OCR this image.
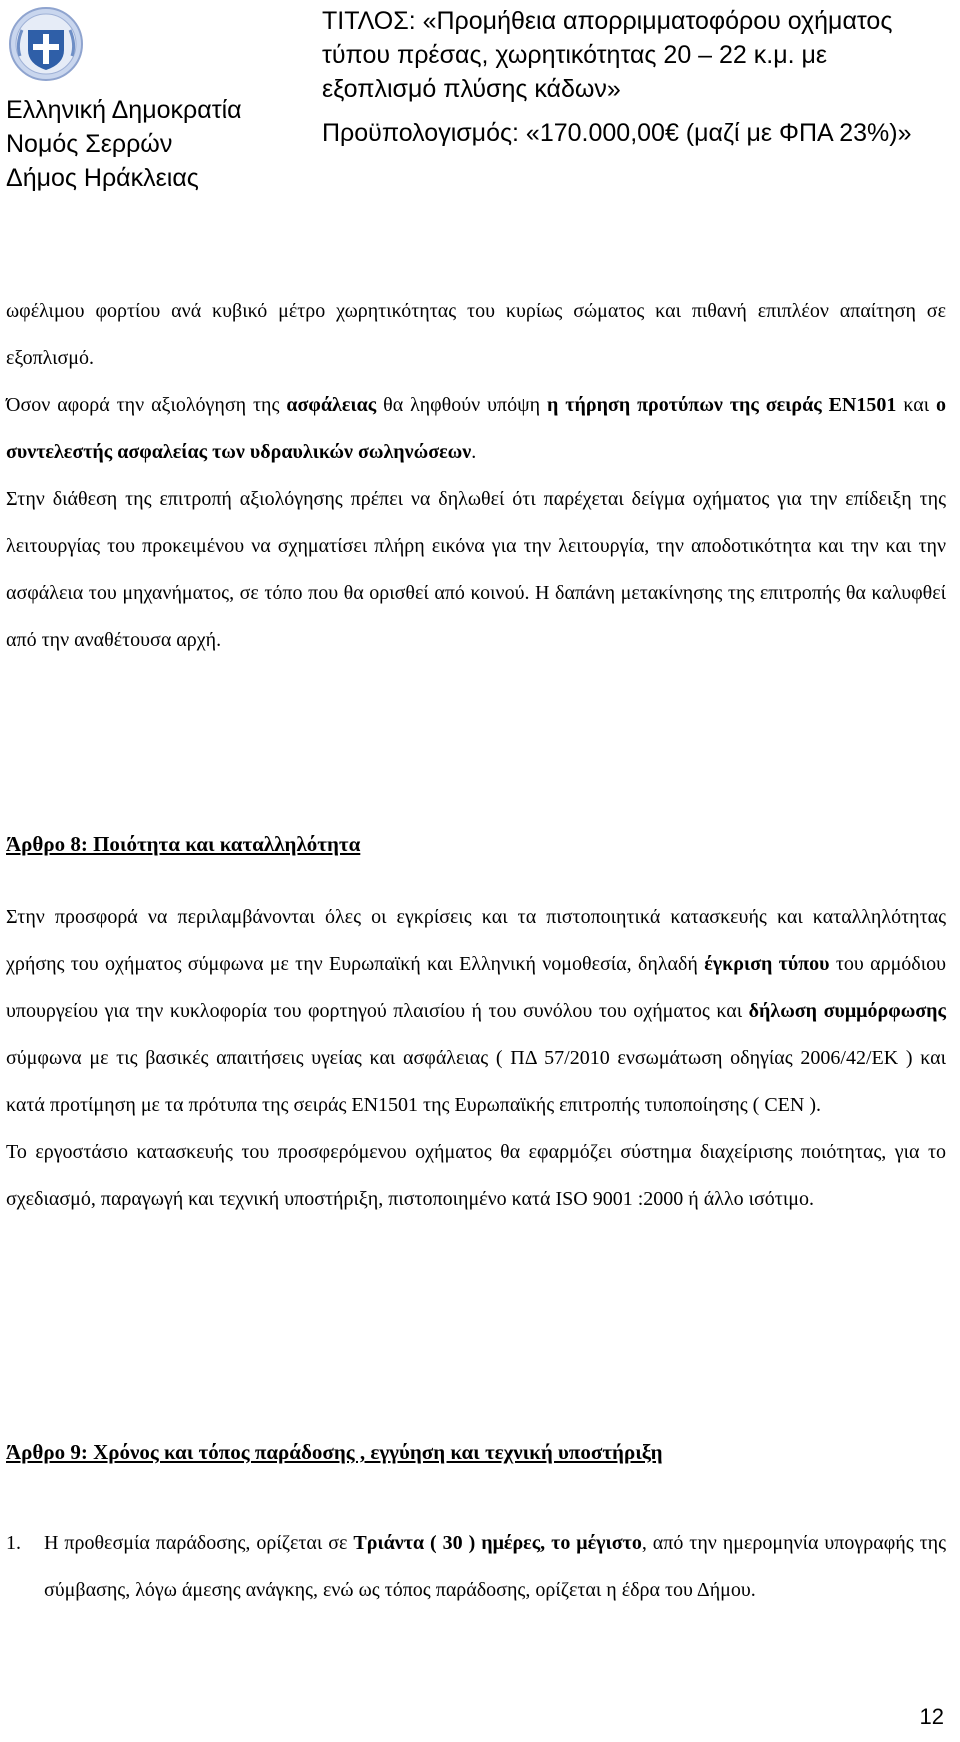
Ελληνική Δημοκρατία
Νομός Σερρών
Δήμος Ηράκλειας
ΤΙΤΛΟΣ: «Προμήθεια απορριμματοφόρου οχήματος
τύπου πρέσας, χωρητικότητας 20 – 22 κ.μ. με
εξοπλισμό πλύσης κάδων»
Προϋπολογισμός: «170.000,00€ (μαζί με ΦΠΑ 23%)»

ωφέλιμου φορτίου ανά κυβικό μέτρο χωρητικότητας του κυρίως σώματος και πιθανή επιπλέον απαίτηση σε εξοπλισμό.

Όσον αφορά την αξιολόγηση της ασφάλειας θα ληφθούν υπόψη η τήρηση προτύπων της σειράς EN1501 και ο συντελεστής ασφαλείας των υδραυλικών σωληνώσεων.

Στην διάθεση της επιτροπή αξιολόγησης πρέπει να δηλωθεί ότι παρέχεται δείγμα οχήματος για την επίδειξη της λειτουργίας του προκειμένου να σχηματίσει πλήρη εικόνα για την λειτουργία, την αποδοτικότητα και την και την ασφάλεια του μηχανήματος, σε τόπο που θα ορισθεί από κοινού. Η δαπάνη μετακίνησης της επιτροπής θα καλυφθεί από την αναθέτουσα αρχή.

Άρθρο 8: Ποιότητα και καταλληλότητα

Στην προσφορά να περιλαμβάνονται όλες οι εγκρίσεις και τα πιστοποιητικά κατασκευής και καταλληλότητας χρήσης του οχήματος σύμφωνα με την Ευρωπαϊκή και Ελληνική νομοθεσία, δηλαδή έγκριση τύπου του αρμόδιου υπουργείου για την κυκλοφορία του φορτηγού πλαισίου ή του συνόλου του οχήματος και δήλωση συμμόρφωσης σύμφωνα με τις βασικές απαιτήσεις υγείας και ασφάλειας ( ΠΔ 57/2010 ενσωμάτωση οδηγίας 2006/42/ΕΚ ) και κατά προτίμηση με τα πρότυπα της σειράς EN1501 της Ευρωπαϊκής επιτροπής τυποποίησης ( CEN ).

Το εργοστάσιο κατασκευής του προσφερόμενου οχήματος θα εφαρμόζει σύστημα διαχείρισης ποιότητας, για το σχεδιασμό, παραγωγή και τεχνική υποστήριξη, πιστοποιημένο κατά ISO 9001 :2000 ή άλλο ισότιμο.

Άρθρο 9: Χρόνος και τόπος παράδοσης , εγγύηση και τεχνική υποστήριξη

1.	Η προθεσμία παράδοσης, ορίζεται σε Τριάντα ( 30 ) ημέρες, το μέγιστο, από την ημερομηνία υπογραφής της σύμβασης, λόγω άμεσης ανάγκης, ενώ ως τόπος παράδοσης, ορίζεται η έδρα του Δήμου.
12
